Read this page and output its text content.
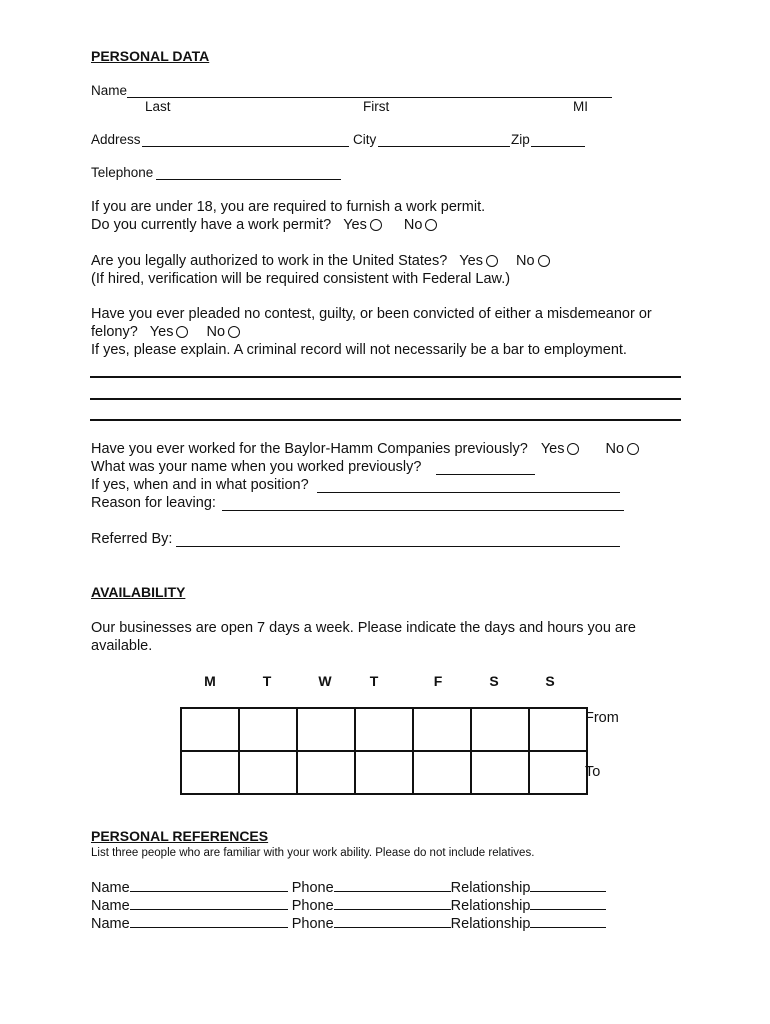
PERSONAL DATA
Name
Last	First	MI
Address	City	Zip
Telephone
If you are under 18, you are required to furnish a work permit.
Do you currently have a work permit? Yes	No
Are you legally authorized to work in the United States? Yes No
(If hired, verification will be required consistent with Federal Law.)
Have you ever pleaded no contest, guilty, or been convicted of either a misdemeanor or
felony? Yes No
If yes, please explain. A criminal record will not necessarily be a bar to employment.
Have you ever worked for the Baylor-Hamm Companies previously? Yes	No
What was your name when you worked previously?
If yes, when and in what position?
Reason for leaving:
Referred By:
AVAILABILITY
Our businesses are open 7 days a week. Please indicate the days and hours you are
available.
M	T	W	T	F	S	S

From
To
PERSONAL REFERENCES
List three people who are familiar with your work ability. Please do not include relatives.
Name	Phone	Relationship
Name	Phone	Relationship
Name	Phone	Relationship
